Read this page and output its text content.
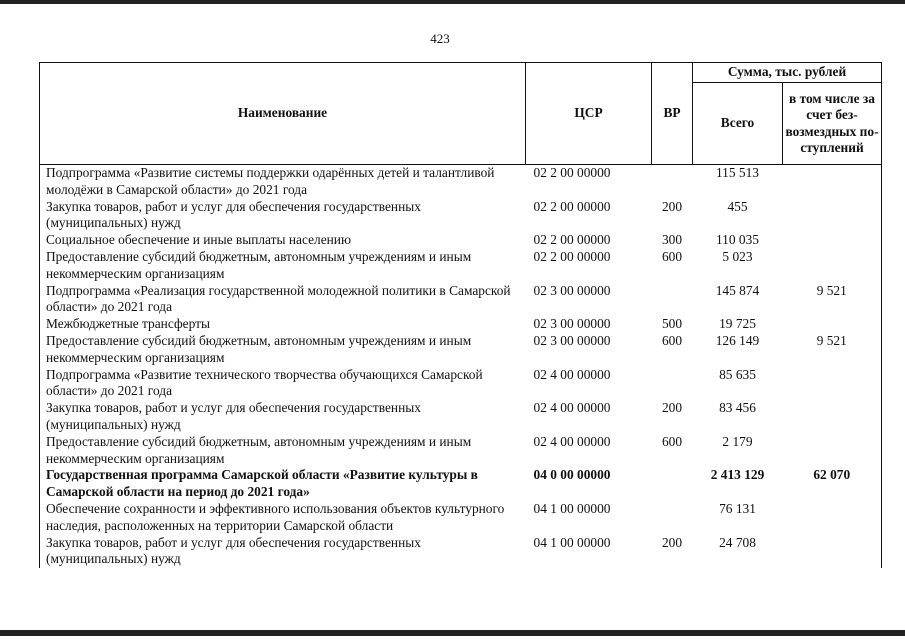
423
Наименование	ЦСР	ВР	Сумма, тыс. рублей	
			Всего	в том числе за счет без-возмездных по-ступлений
Подпрограмма «Развитие системы поддержки одарённых детей и талантливой молодёжи в Самарской области» до 2021 года	02 2 00 00000		115 513	
Закупка товаров, работ и услуг для обеспечения государственных (муниципальных) нужд	02 2 00 00000	200	455	
Социальное обеспечение и иные выплаты населению	02 2 00 00000	300	110 035	
Предоставление субсидий бюджетным, автономным учреждениям и иным некоммерческим организациям	02 2 00 00000	600	5 023	
Подпрограмма «Реализация государственной молодежной политики в Самарской области» до 2021 года	02 3 00 00000		145 874	9 521
Межбюджетные трансферты	02 3 00 00000	500	19 725	
Предоставление субсидий бюджетным, автономным учреждениям и иным некоммерческим организациям	02 3 00 00000	600	126 149	9 521
Подпрограмма «Развитие технического творчества обучающихся Самарской области» до 2021 года	02 4 00 00000		85 635	
Закупка товаров, работ и услуг для обеспечения государственных (муниципальных) нужд	02 4 00 00000	200	83 456	
Предоставление субсидий бюджетным, автономным учреждениям и иным некоммерческим организациям	02 4 00 00000	600	2 179	
Государственная программа Самарской области «Развитие культуры в Самарской области на период до 2021 года»	04 0 00 00000		2 413 129	62 070
Обеспечение сохранности и эффективного использования объектов культурного наследия, расположенных на территории Самарской области	04 1 00 00000		76 131	
Закупка товаров, работ и услуг для обеспечения государственных (муниципальных) нужд	04 1 00 00000	200	24 708	
